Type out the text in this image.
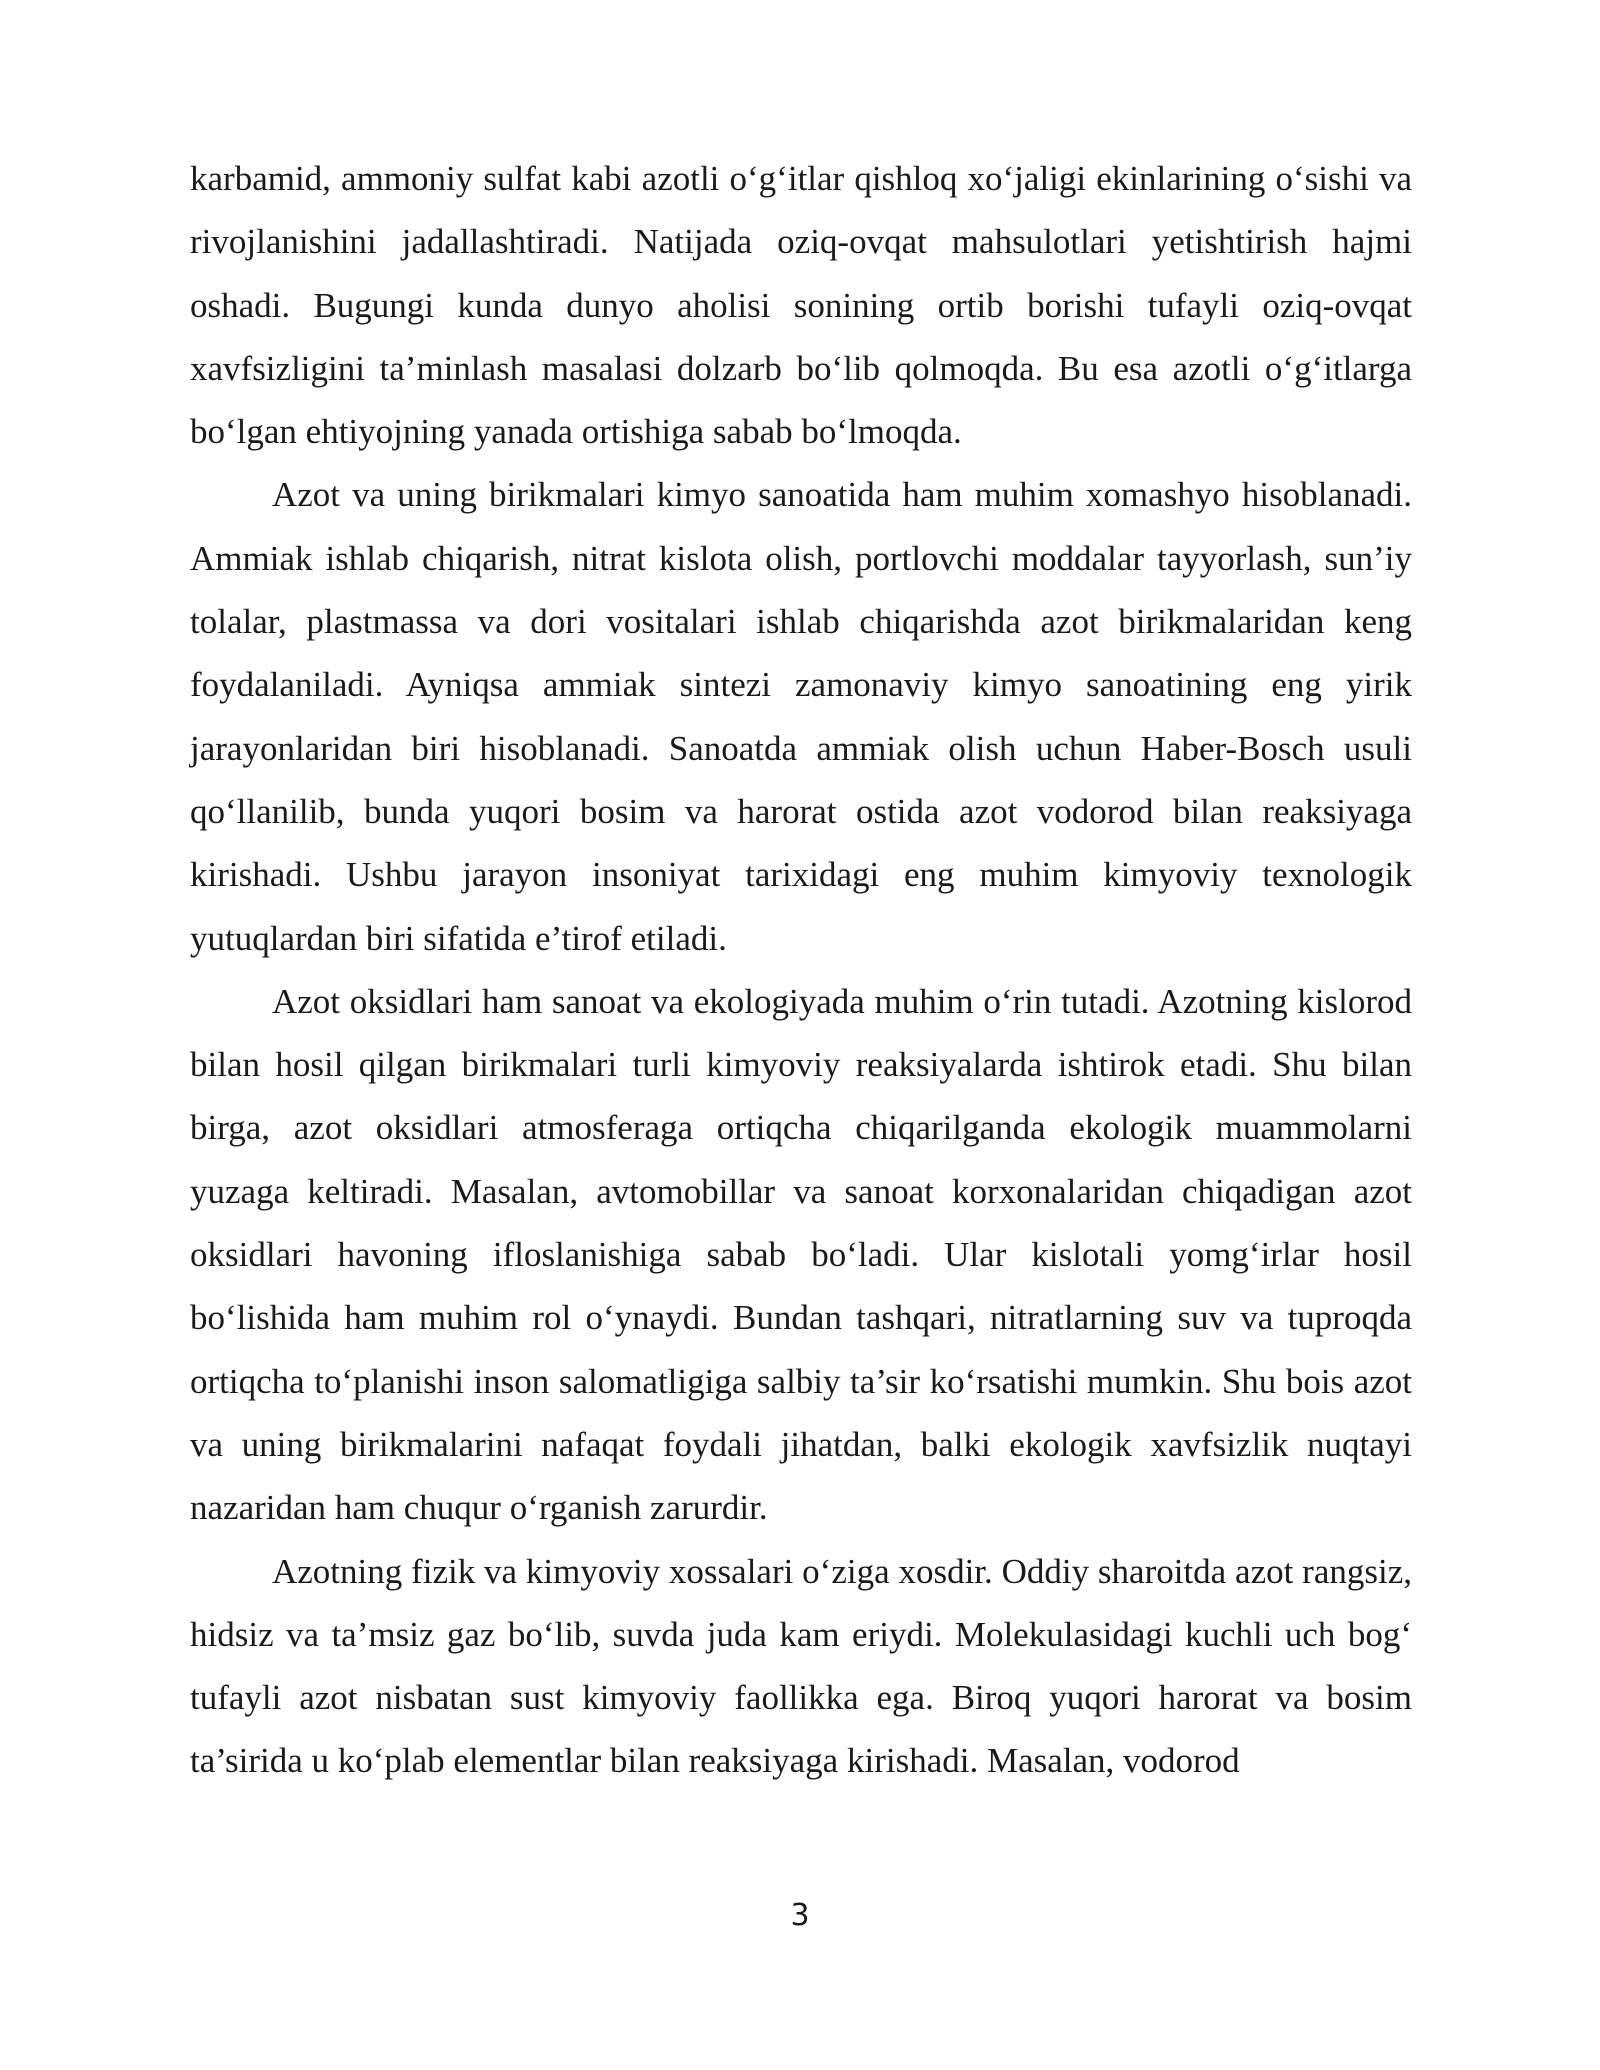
karbamid, ammoniy sulfat kabi azotli o‘g‘itlar qishloq xo‘jaligi ekinlarining o‘sishi va rivojlanishini jadallashtiradi. Natijada oziq-ovqat mahsulotlari yetishtirish hajmi oshadi. Bugungi kunda dunyo aholisi sonining ortib borishi tufayli oziq-ovqat xavfsizligini ta’minlash masalasi dolzarb bo‘lib qolmoqda. Bu esa azotli o‘g‘itlarga bo‘lgan ehtiyojning yanada ortishiga sabab bo‘lmoqda.

Azot va uning birikmalari kimyo sanoatida ham muhim xomashyo hisoblanadi. Ammiak ishlab chiqarish, nitrat kislota olish, portlovchi moddalar tayyorlash, sun’iy tolalar, plastmassa va dori vositalari ishlab chiqarishda azot birikmalaridan keng foydalaniladi. Ayniqsa ammiak sintezi zamonaviy kimyo sanoatining eng yirik jarayonlaridan biri hisoblanadi. Sanoatda ammiak olish uchun Haber-Bosch usuli qo‘llanilib, bunda yuqori bosim va harorat ostida azot vodorod bilan reaksiyaga kirishadi. Ushbu jarayon insoniyat tarixidagi eng muhim kimyoviy texnologik yutuqlardan biri sifatida e’tirof etiladi.

Azot oksidlari ham sanoat va ekologiyada muhim o‘rin tutadi. Azotning kislorod bilan hosil qilgan birikmalari turli kimyoviy reaksiyalarda ishtirok etadi. Shu bilan birga, azot oksidlari atmosferaga ortiqcha chiqarilganda ekologik muammolarni yuzaga keltiradi. Masalan, avtomobillar va sanoat korxonalaridan chiqadigan azot oksidlari havoning ifloslanishiga sabab bo‘ladi. Ular kislotali yomg‘irlar hosil bo‘lishida ham muhim rol o‘ynaydi. Bundan tashqari, nitratlarning suv va tuproqda ortiqcha to‘planishi inson salomatligiga salbiy ta’sir ko‘rsatishi mumkin. Shu bois azot va uning birikmalarini nafaqat foydali jihatdan, balki ekologik xavfsizlik nuqtayi nazaridan ham chuqur o‘rganish zarurdir.

Azotning fizik va kimyoviy xossalari o‘ziga xosdir. Oddiy sharoitda azot rangsiz, hidsiz va ta’msiz gaz bo‘lib, suvda juda kam eriydi. Molekulasidagi kuchli uch bog‘ tufayli azot nisbatan sust kimyoviy faollikka ega. Biroq yuqori harorat va bosim ta’sirida u ko‘plab elementlar bilan reaksiyaga kirishadi. Masalan, vodorod

3
